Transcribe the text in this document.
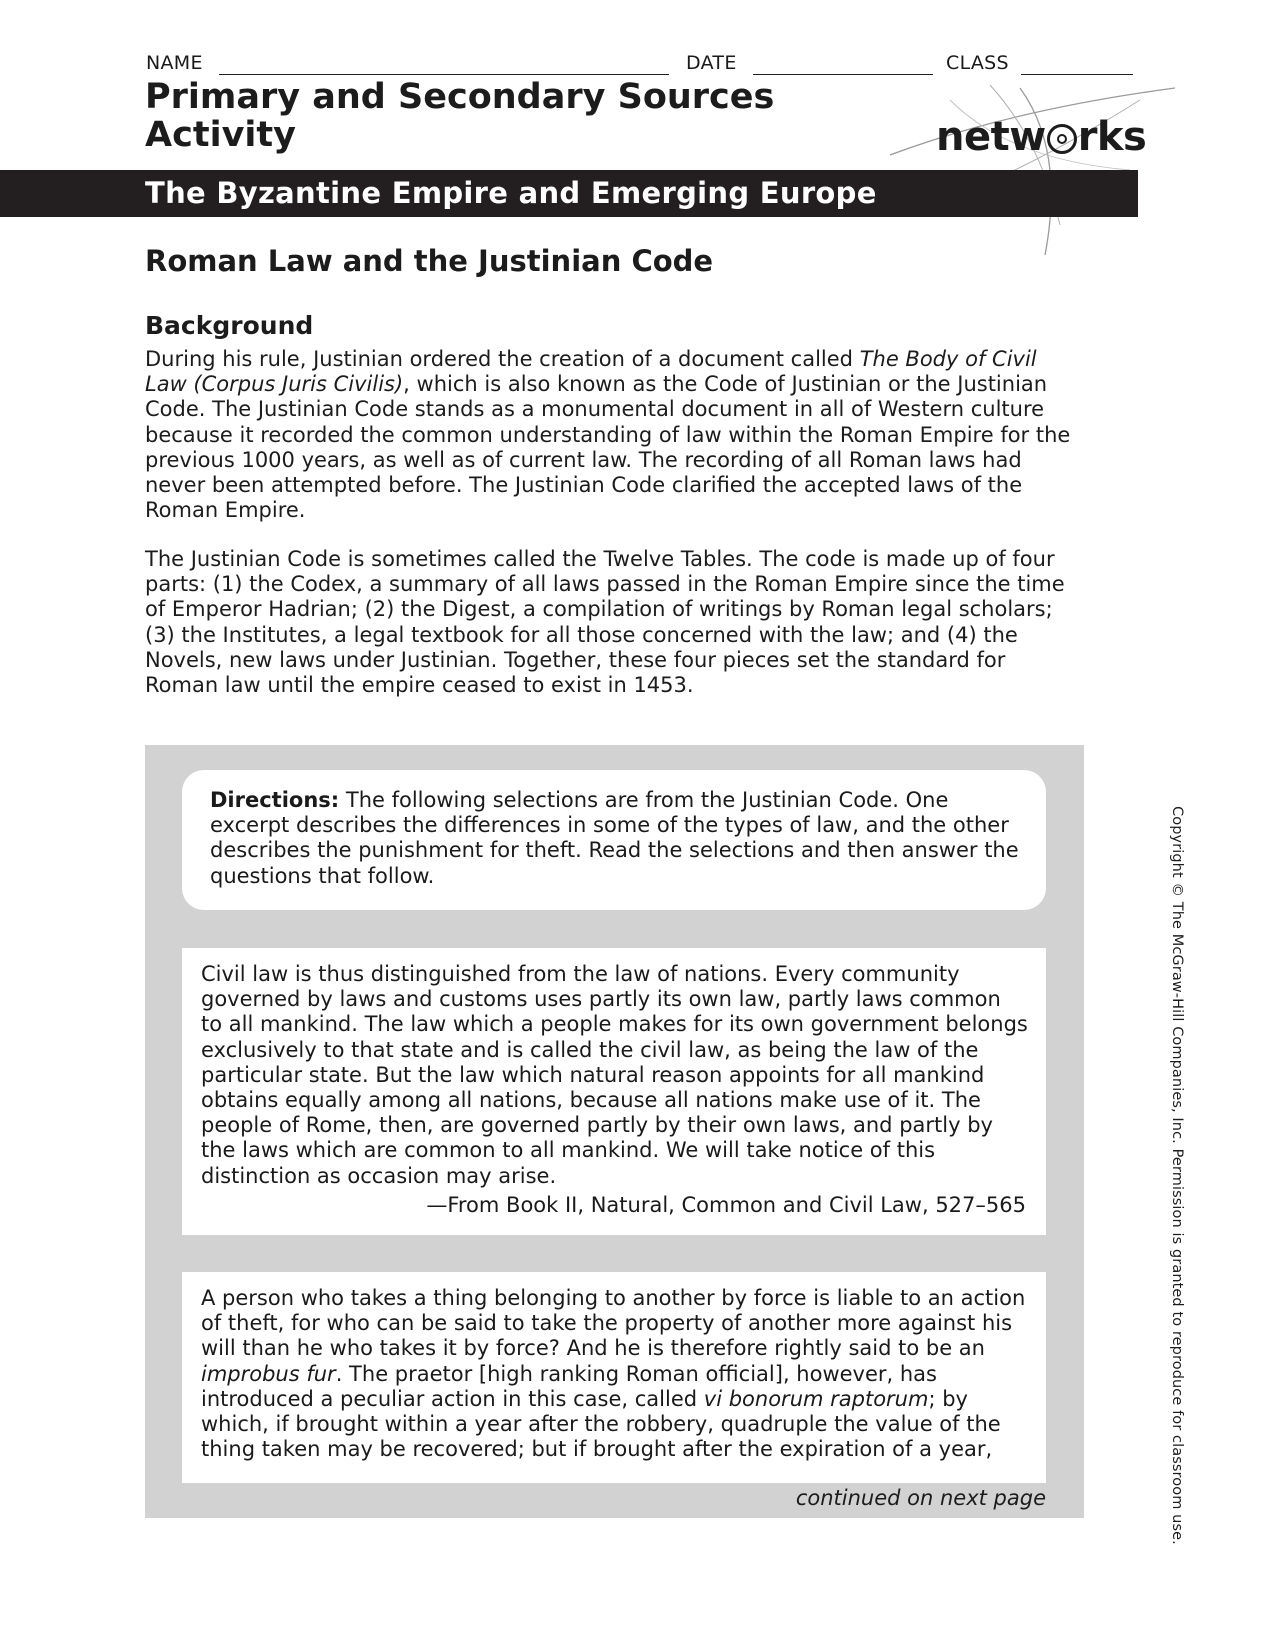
NAME	DATE	CLASS
Primary and Secondary Sources
Activity	netw rks
The Byzantine Empire and Emerging Europe
Roman Law and the Justinian Code
Background
During his rule, Justinian ordered the creation of a document called The Body of Civil Law (Corpus Juris Civilis), which is also known as the Code of Justinian or the Justinian Code. The Justinian Code stands as a monumental document in all of Western culture because it recorded the common understanding of law within the Roman Empire for the previous 1000 years, as well as of current law. The recording of all Roman laws had never been attempted before. The Justinian Code clarified the accepted laws of the Roman Empire.
The Justinian Code is sometimes called the Twelve Tables. The code is made up of four parts: (1) the Codex, a summary of all laws passed in the Roman Empire since the time of Emperor Hadrian; (2) the Digest, a compilation of writings by Roman legal scholars; (3) the Institutes, a legal textbook for all those concerned with the law; and (4) the Novels, new laws under Justinian. Together, these four pieces set the standard for Roman law until the empire ceased to exist in 1453.
Directions: The following selections are from the Justinian Code. One excerpt describes the differences in some of the types of law, and the other describes the punishment for theft. Read the selections and then answer the questions that follow.
Civil law is thus distinguished from the law of nations. Every community governed by laws and customs uses partly its own law, partly laws common to all mankind. The law which a people makes for its own government belongs exclusively to that state and is called the civil law, as being the law of the particular state. But the law which natural reason appoints for all mankind obtains equally among all nations, because all nations make use of it. The people of Rome, then, are governed partly by their own laws, and partly by the laws which are common to all mankind. We will take notice of this distinction as occasion may arise.
—From Book II, Natural, Common and Civil Law, 527–565
A person who takes a thing belonging to another by force is liable to an action of theft, for who can be said to take the property of another more against his will than he who takes it by force? And he is therefore rightly said to be an improbus fur. The praetor [high ranking Roman official], however, has introduced a peculiar action in this case, called vi bonorum raptorum; by which, if brought within a year after the robbery, quadruple the value of the thing taken may be recovered; but if brought after the expiration of a year,
continued on next page	Copyright © The McGraw-Hill Companies, Inc. Permission is granted to reproduce for classroom use.
